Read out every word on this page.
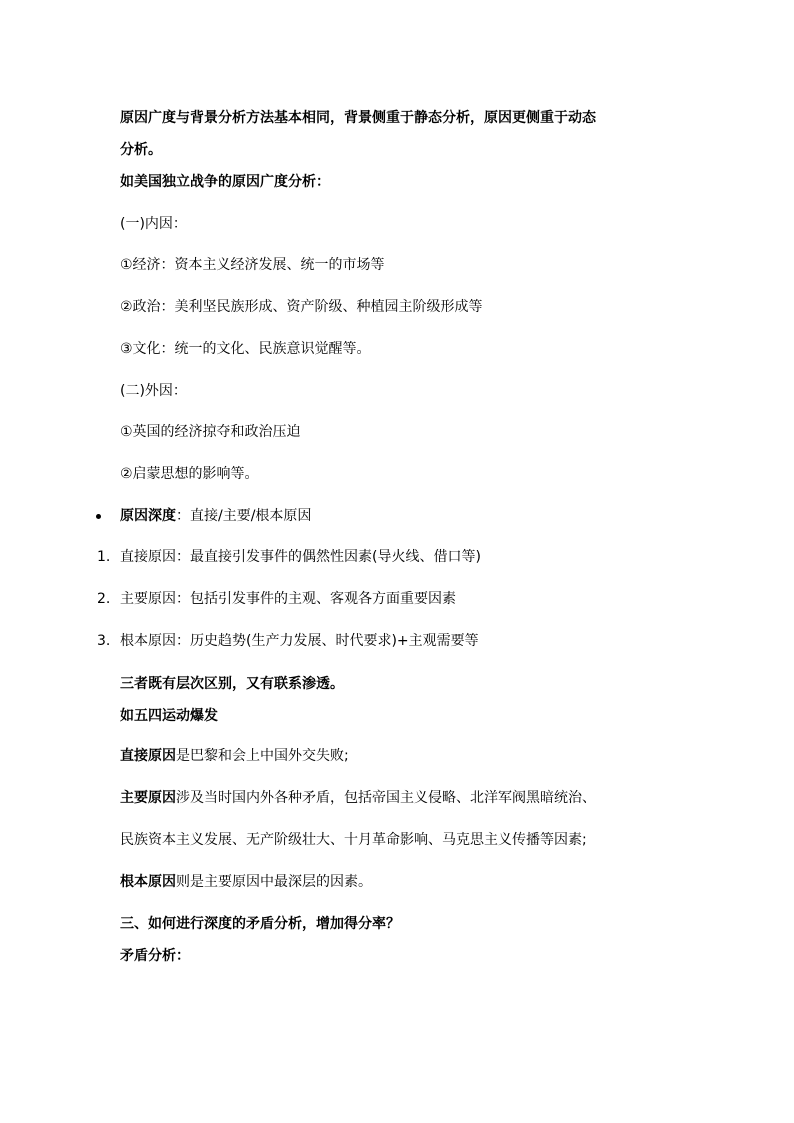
原因广度与背景分析方法基本相同，背景侧重于静态分析，原因更侧重于动态
分析。
如美国独立战争的原因广度分析：
(一)内因：
①经济：资本主义经济发展、统一的市场等
②政治：美利坚民族形成、资产阶级、种植园主阶级形成等
③文化：统一的文化、民族意识觉醒等。
(二)外因：
①英国的经济掠夺和政治压迫
②启蒙思想的影响等。
原因深度：直接/主要/根本原因
1. 直接原因：最直接引发事件的偶然性因素(导火线、借口等)
2. 主要原因：包括引发事件的主观、客观各方面重要因素
3. 根本原因：历史趋势(生产力发展、时代要求)+主观需要等
三者既有层次区别，又有联系渗透。
如五四运动爆发
直接原因是巴黎和会上中国外交失败;
主要原因涉及当时国内外各种矛盾，包括帝国主义侵略、北洋军阀黑暗统治、
民族资本主义发展、无产阶级壮大、十月革命影响、马克思主义传播等因素;
根本原因则是主要原因中最深层的因素。
三、如何进行深度的矛盾分析，增加得分率？
矛盾分析：
